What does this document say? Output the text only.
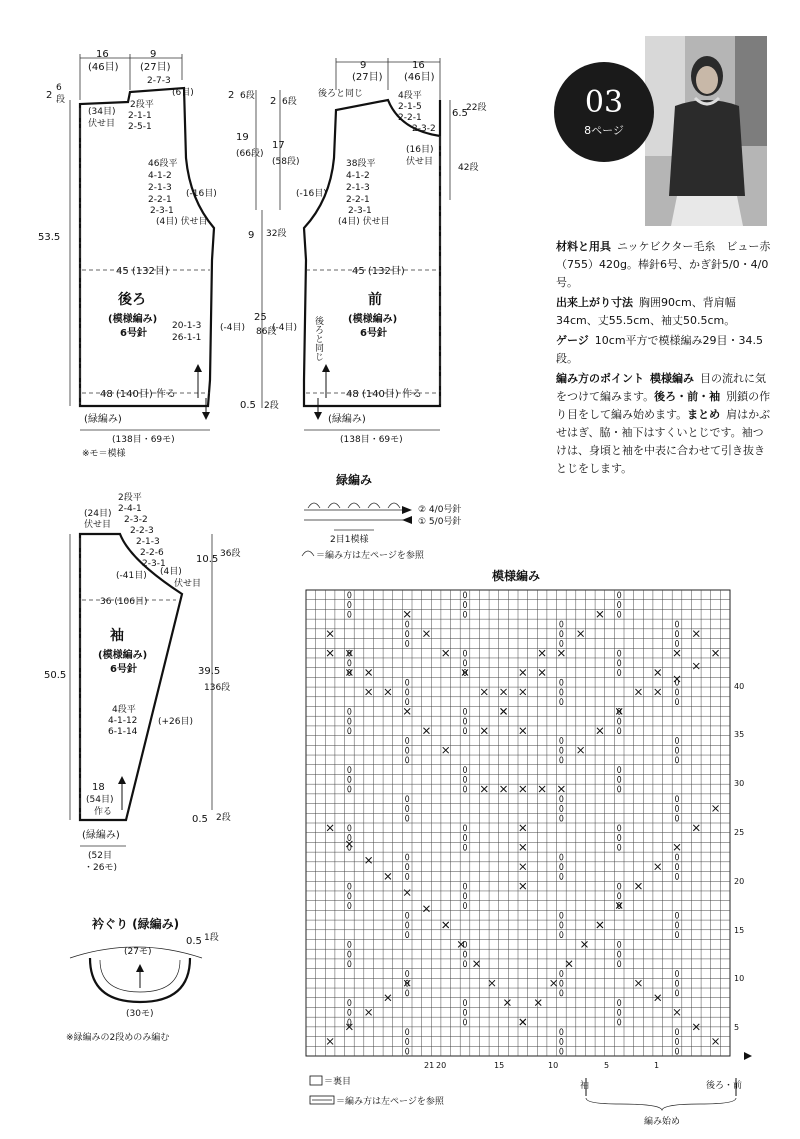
03
8ページ

材料と用具 ニッケビクター毛糸　ビュー赤（755）420g。棒針6号、かぎ針5/0・4/0号。

出来上がり寸法 胸囲90cm、背肩幅34cm、丈55.5cm、袖丈50.5cm。

ゲージ 10cm平方で模様編み29目・34.5段。

編み方のポイント 模様編み 目の流れに気をつけて編みます。後ろ・前・袖 別鎖の作り目をして編み始めます。まとめ 肩はかぶせはぎ、脇・袖下はすくいとじです。袖つけは、身頃と袖を中表に合わせて引き抜きとじをします。

16
(46目)
9
(27目)
2-7-3
(6目)
2
6
段
(34目)
伏せ目
2段平
2-1-1
2-5-1
46段平
4-1-2
2-1-3
2-2-1
2-3-1
(4目) 伏せ目
(-16目)
53.5
45 (132目)
後ろ
(模様編み)
6号針
20-1-3
26-1-1
(-4目)
48 (140目) 作る
(緑編み)
(138目・69モ)
※モ＝模様
19
(66段)
17
(58段)
9 32段
25
86段
0.5 2段
2 6段 2 6段
9
(27目)
16
(46目)
後ろと同じ	4段平
2-1-5
2-2-1
2-3-2
(16目)
伏せ目
6.5
22段
42段
38段平
4-1-2
2-1-3
2-2-1
2-3-1
(4目) 伏せ目
(-16目)
45 (132目)
前
(模様編み)
6号針
(-4目) 後ろと同じ
48 (140目) 作る
(緑編み)
(138目・69モ)
緑編み
② 4/0号針
① 5/0号針
2目1模様
＝編み方は左ページを参照
2段平
2-4-1
2-3-2
2-2-3
2-1-3
2-2-6
2-3-1
(24目)
伏せ目
10.5 36段
(-41目) (4目)
伏せ目
36 (106目)
袖
(模様編み)
6号針
50.5	39.5
136段
4段平
4-1-12
6-1-14
(+26目)
18
(54目)
作る
0.5 2段
(緑編み)
(52目
・26モ)
衿ぐり (緑編み)
(27モ)
0.5 1段
(30モ)
※緑編みの2段めのみ編む
模様編み
5
10
15
20
25
30
35
40
21 20	15	10	5	1
袖	後ろ・前
編み始め
＝裏目
＝編み方は左ページを参照
